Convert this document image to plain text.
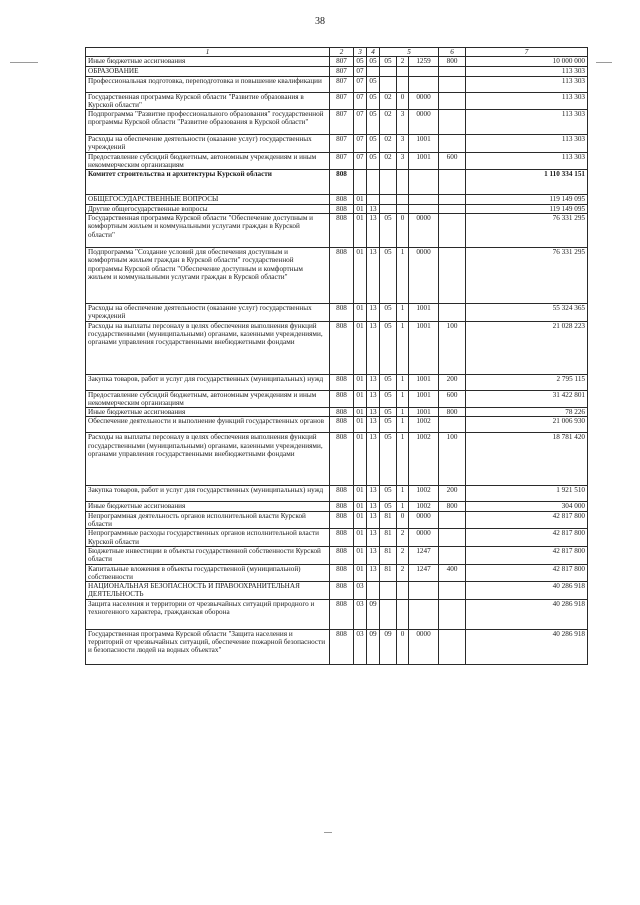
38
1	2	3	4	5			6	7
Иные бюджетные ассигнования	807	05	05	05	2	1259	800	10 000 000
ОБРАЗОВАНИЕ	807	07						113 303
Профессиональная подготовка, переподготовка и повышение квалификации	807	07	05					113 303
Государственная программа Курской области "Развитие образования в Курской области"	807	07	05	02	0	0000		113 303
Подпрограмма "Развитие профессионального образования" государственной программы Курской области "Развитие образования в Курской области"	807	07	05	02	3	0000		113 303
Расходы на обеспечение деятельности (оказание услуг) государственных учреждений	807	07	05	02	3	1001		113 303
Предоставление субсидий бюджетным, автономным учреждениям и иным некоммерческим организациям	807	07	05	02	3	1001	600	113 303
Комитет строительства и архитектуры Курской области	808							1 110 334 151
ОБЩЕГОСУДАРСТВЕННЫЕ ВОПРОСЫ	808	01						119 149 095
Другие общегосударственные вопросы	808	01	13					119 149 095
Государственная программа Курской области "Обеспечение доступным и комфортным жильем и коммунальными услугами граждан в Курской области"	808	01	13	05	0	0000		76 331 295
Подпрограмма "Создание условий для обеспечения доступным и комфортным жильем граждан в Курской области" государственной программы Курской области "Обеспечение доступным и комфортным жильем и коммунальными услугами граждан в Курской области"	808	01	13	05	1	0000		76 331 295
Расходы на обеспечение деятельности (оказание услуг) государственных учреждений	808	01	13	05	1	1001		55 324 365
Расходы на выплаты персоналу в целях обеспечения выполнения функций государственными (муниципальными) органами, казенными учреждениями, органами управления государственными внебюджетными фондами	808	01	13	05	1	1001	100	21 028 223
Закупка товаров, работ и услуг для государственных (муниципальных) нужд	808	01	13	05	1	1001	200	2 795 115
Предоставление субсидий бюджетным, автономным учреждениям и иным некоммерческим организациям	808	01	13	05	1	1001	600	31 422 801
Иные бюджетные ассигнования	808	01	13	05	1	1001	800	78 226
Обеспечение деятельности и выполнение функций государственных органов	808	01	13	05	1	1002		21 006 930
Расходы на выплаты персоналу в целях обеспечения выполнения функций государственными (муниципальными) органами, казенными учреждениями, органами управления государственными внебюджетными фондами	808	01	13	05	1	1002	100	18 781 420
Закупка товаров, работ и услуг для государственных (муниципальных) нужд	808	01	13	05	1	1002	200	1 921 510
Иные бюджетные ассигнования	808	01	13	05	1	1002	800	304 000
Непрограммная деятельность органов исполнительной власти Курской области	808	01	13	81	0	0000		42 817 800
Непрограммные расходы государственных органов исполнительной власти Курской области	808	01	13	81	2	0000		42 817 800
Бюджетные инвестиции в объекты государственной собственности Курской области	808	01	13	81	2	1247		42 817 800
Капитальные вложения в объекты государственной (муниципальной) собственности	808	01	13	81	2	1247	400	42 817 800
НАЦИОНАЛЬНАЯ БЕЗОПАСНОСТЬ И ПРАВООХРАНИТЕЛЬНАЯ ДЕЯТЕЛЬНОСТЬ	808	03						40 286 918
Защита населения и территории от чрезвычайных ситуаций природного и техногенного характера, гражданская оборона	808	03	09					40 286 918
Государственная программа Курской области "Защита населения и территорий от чрезвычайных ситуаций, обеспечение пожарной безопасности и безопасности людей на водных объектах"	808	03	09	09	0	0000		40 286 918
